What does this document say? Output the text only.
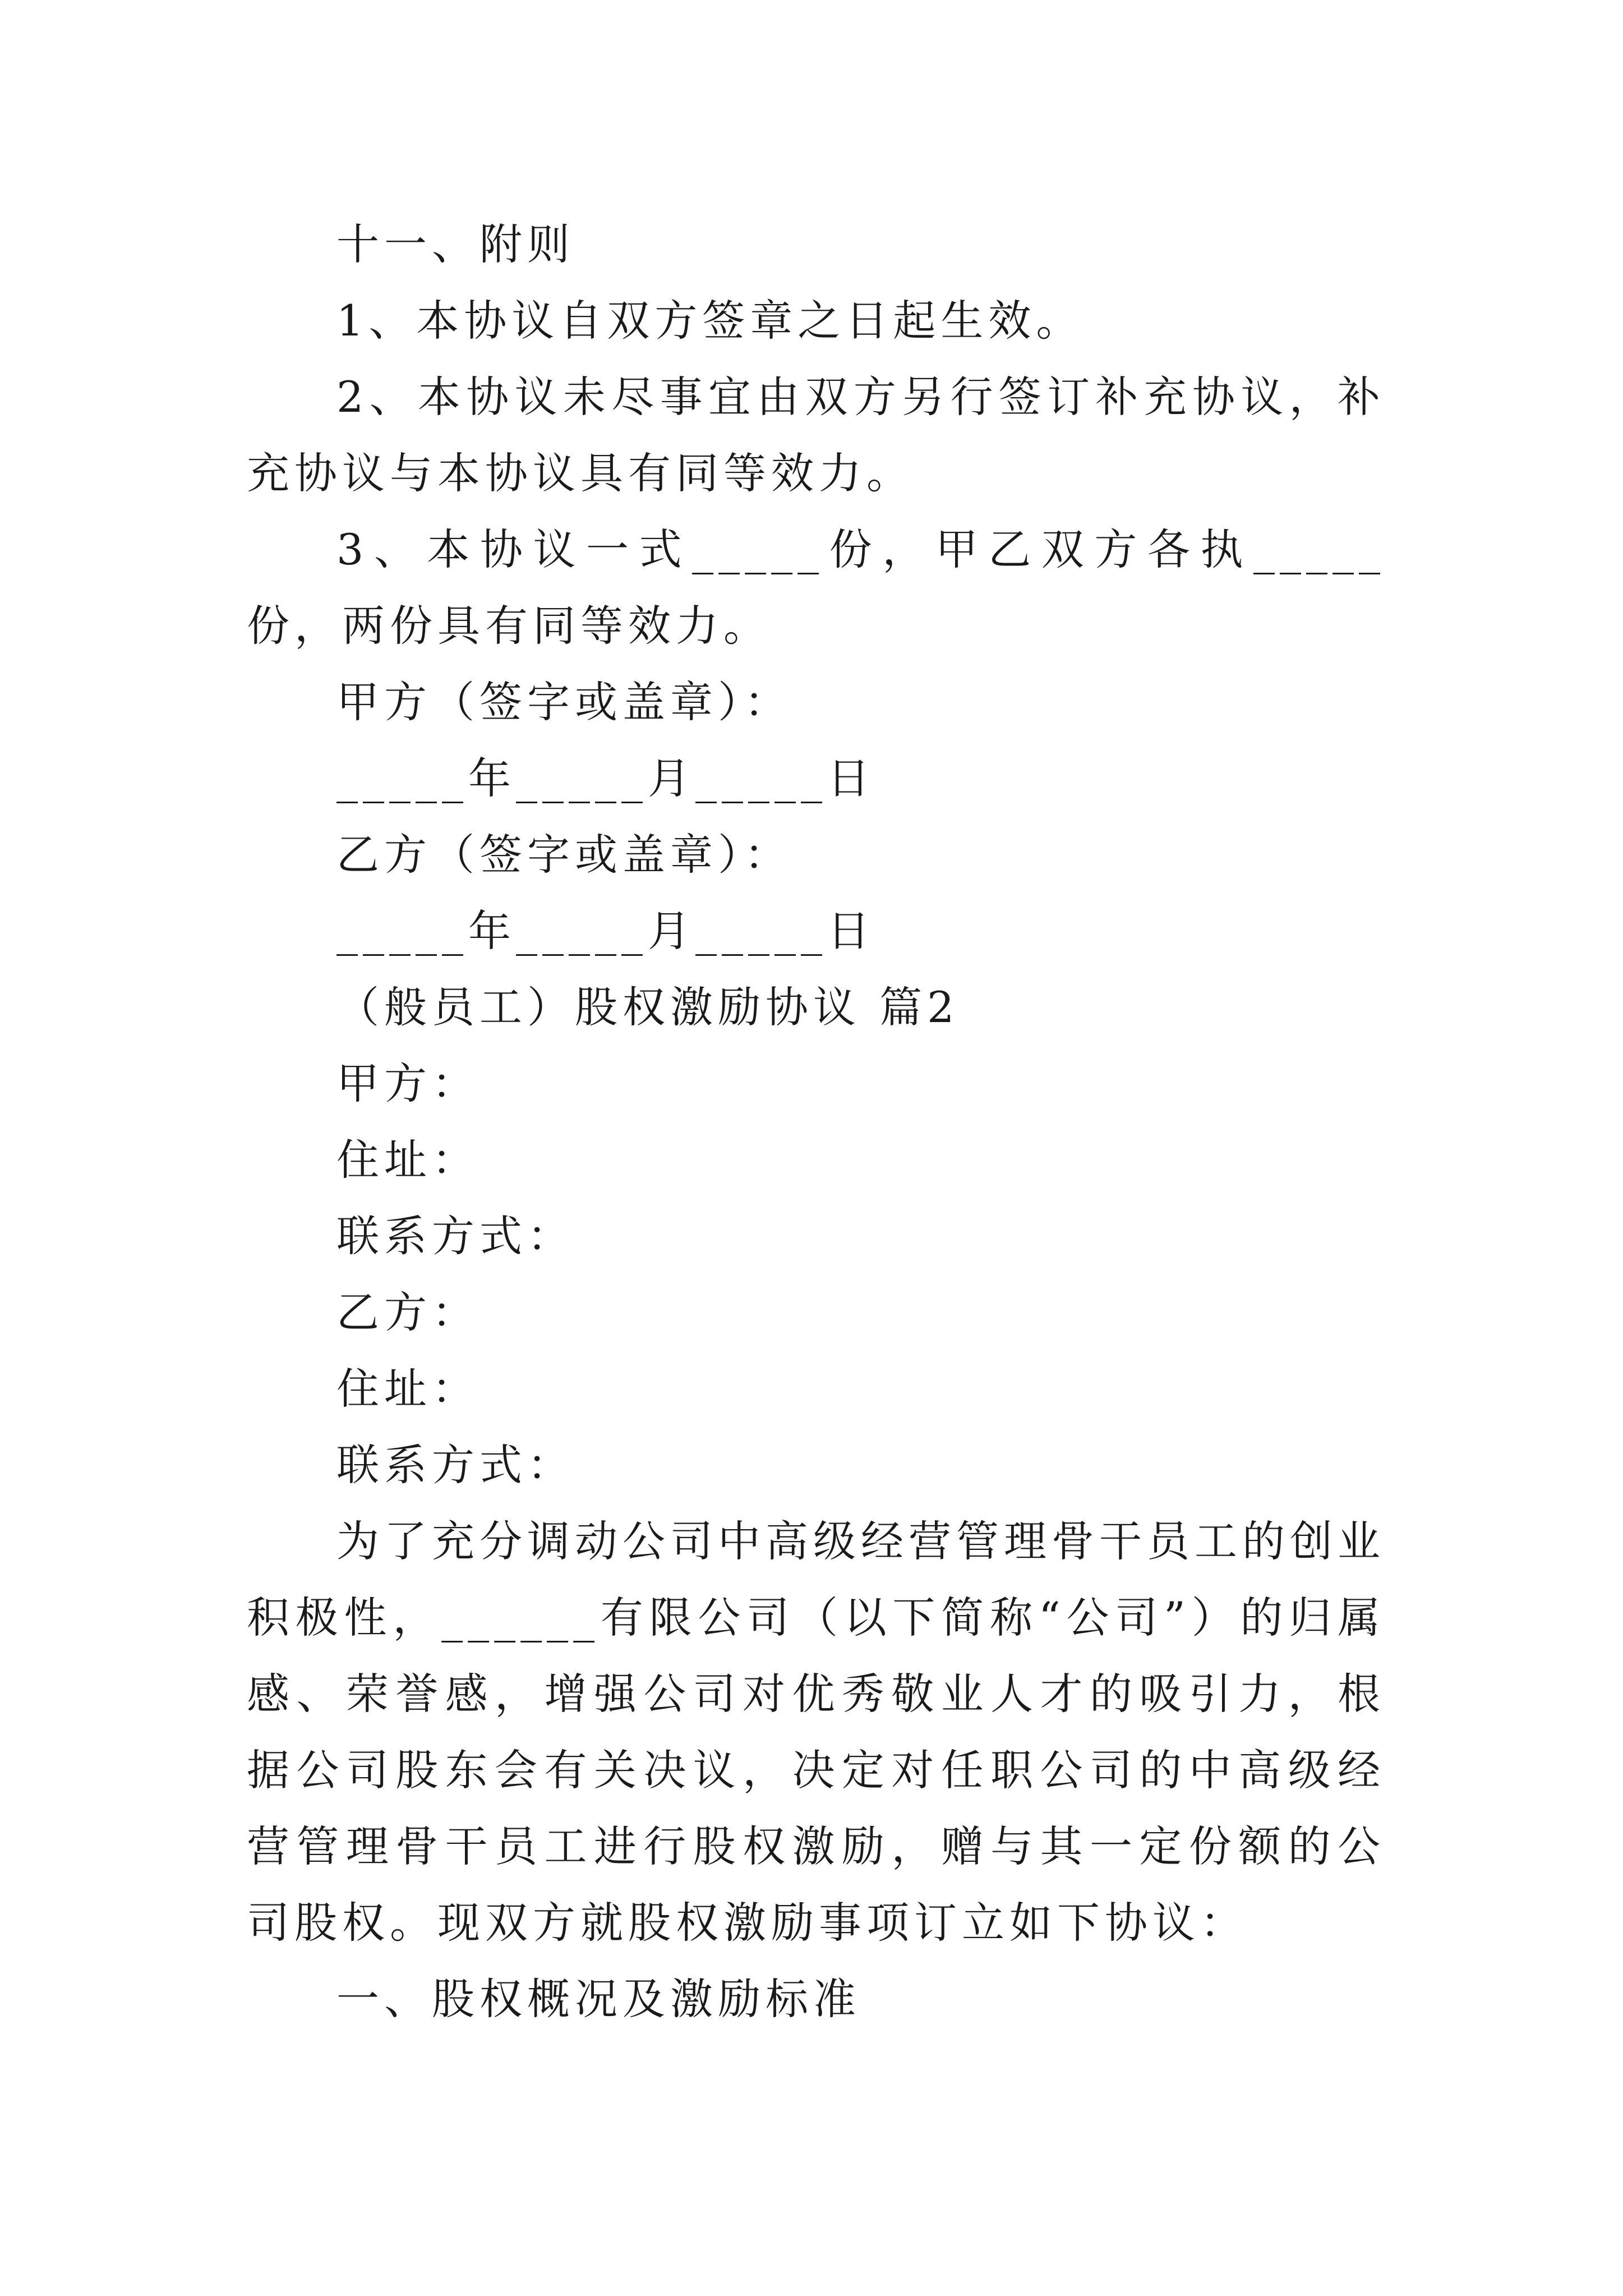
十一、附则

1、本协议自双方签章之日起生效。

2、本协议未尽事宜由双方另行签订补充协议，补充协议与本协议具有同等效力。

3、本协议一式_____份，甲乙双方各执_____份，两份具有同等效力。

甲方（签字或盖章）：

_____年_____月_____日

乙方（签字或盖章）：

_____年_____月_____日

（般员工）股权激励协议 篇2

甲方：

住址：

联系方式：

乙方：

住址：

联系方式：

为了充分调动公司中高级经营管理骨干员工的创业积极性，______有限公司（以下简称“公司”）的归属感、荣誉感，增强公司对优秀敬业人才的吸引力，根据公司股东会有关决议，决定对任职公司的中高级经营管理骨干员工进行股权激励，赠与其一定份额的公司股权。现双方就股权激励事项订立如下协议：

一、股权概况及激励标准
